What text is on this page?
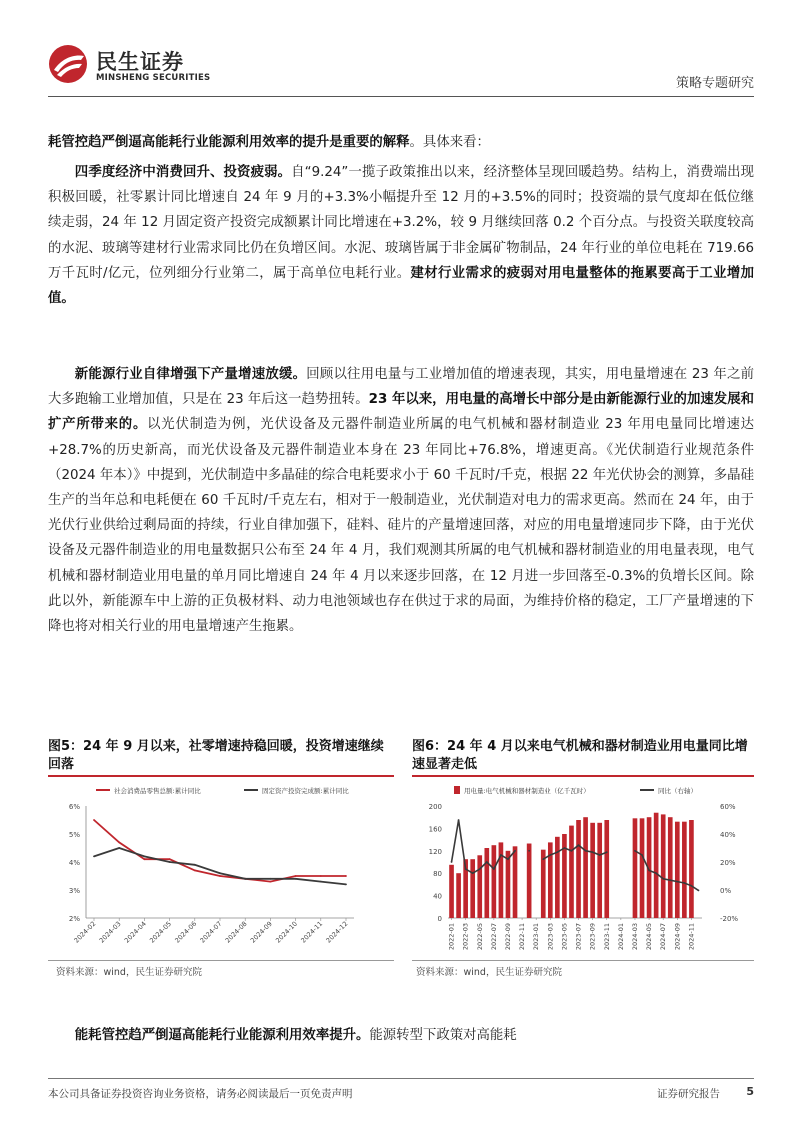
民生证券
MINSHENG SECURITIES	策略专题研究

耗管控趋严倒逼高能耗行业能源利用效率的提升是重要的解释。具体来看：

四季度经济中消费回升、投资疲弱。自“9.24”一揽子政策推出以来，经济整体呈现回暖趋势。结构上，消费端出现积极回暖，社零累计同比增速自 24 年 9 月的+3.3%小幅提升至 12 月的+3.5%的同时；投资端的景气度却在低位继续走弱，24 年 12 月固定资产投资完成额累计同比增速在+3.2%，较 9 月继续回落 0.2 个百分点。与投资关联度较高的水泥、玻璃等建材行业需求同比仍在负增区间。水泥、玻璃皆属于非金属矿物制品，24 年行业的单位电耗在 719.66 万千瓦时/亿元，位列细分行业第二，属于高单位电耗行业。建材行业需求的疲弱对用电量整体的拖累要高于工业增加值。

新能源行业自律增强下产量增速放缓。回顾以往用电量与工业增加值的增速表现，其实，用电量增速在 23 年之前大多跑输工业增加值，只是在 23 年后这一趋势扭转。23 年以来，用电量的高增长中部分是由新能源行业的加速发展和扩产所带来的。以光伏制造为例，光伏设备及元器件制造业所属的电气机械和器材制造业 23 年用电量同比增速达+28.7%的历史新高，而光伏设备及元器件制造业本身在 23 年同比+76.8%，增速更高。《光伏制造行业规范条件（2024 年本）》中提到，光伏制造中多晶硅的综合电耗要求小于 60 千瓦时/千克，根据 22 年光伏协会的测算，多晶硅生产的当年总和电耗便在 60 千瓦时/千克左右，相对于一般制造业，光伏制造对电力的需求更高。然而在 24 年，由于光伏行业供给过剩局面的持续，行业自律加强下，硅料、硅片的产量增速回落，对应的用电量增速同步下降，由于光伏设备及元器件制造业的用电量数据只公布至 24 年 4 月，我们观测其所属的电气机械和器材制造业的用电量表现，电气机械和器材制造业用电量的单月同比增速自 24 年 4 月以来逐步回落，在 12 月进一步回落至-0.3%的负增长区间。除此以外，新能源车中上游的正负极材料、动力电池领域也存在供过于求的局面，为维持价格的稳定，工厂产量增速的下降也将对相关行业的用电量增速产生拖累。

图5：24 年 9 月以来，社零增速持稳回暖，投资增速继续回落
社会消费品零售总额:累计同比	固定资产投资完成额:累计同比
2%
3%
4%
5%
6%
2024-02 2024-03 2024-04 2024-05 2024-06 2024-07 2024-08 2024-09 2024-10 2024-11 2024-12
资料来源：wind，民生证券研究院
图6：24 年 4 月以来电气机械和器材制造业用电量同比增速显著走低
用电量:电气机械和器材制造业（亿千瓦时）	同比（右轴）
0
40
80
120
160
200
-20%
0%
20%
40%
60%
2022-01 2022-03 2022-05 2022-07 2022-09 2022-11 2023-01 2023-03 2023-05 2023-07 2023-09 2023-11 2024-01 2024-03 2024-05 2024-07 2024-09 2024-11
资料来源：wind，民生证券研究院

能耗管控趋严倒逼高能耗行业能源利用效率提升。能源转型下政策对高能耗

本公司具备证券投资咨询业务资格，请务必阅读最后一页免责声明	证券研究报告 5
